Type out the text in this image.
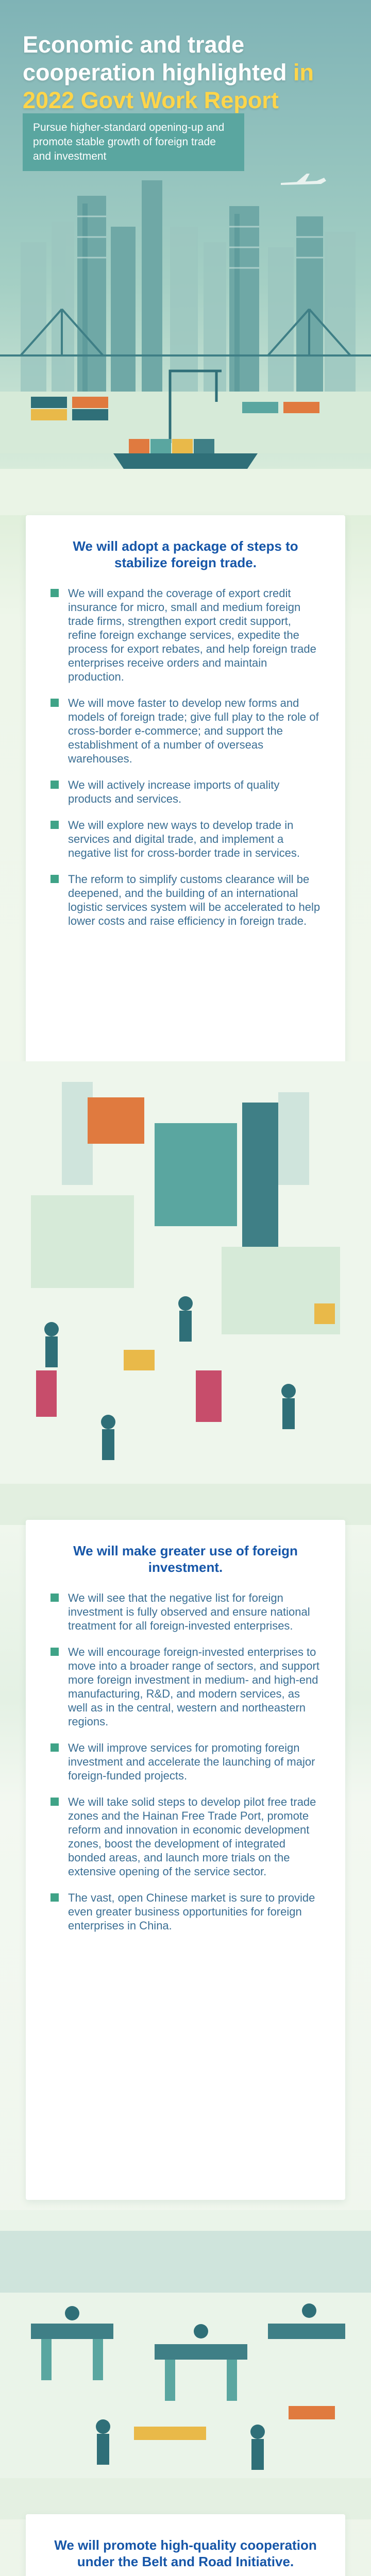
Economic and trade
cooperation highlighted in
2022 Govt Work Report
Pursue higher-standard opening-up and promote stable growth of foreign trade and investment
We will adopt a package of steps to stabilize foreign trade.

We will expand the coverage of export credit insurance for micro, small and medium foreign trade firms, strengthen export credit support, refine foreign exchange services, expedite the process for export rebates, and help foreign trade enterprises receive orders and maintain production.

We will move faster to develop new forms and models of foreign trade; give full play to the role of cross-border e-commerce; and support the establishment of a number of overseas warehouses.

We will actively increase imports of quality products and services.

We will explore new ways to develop trade in services and digital trade, and implement a negative list for cross-border trade in services.

The reform to simplify customs clearance will be deepened, and the building of an international logistic services system will be accelerated to help lower costs and raise efficiency in foreign trade.

We will make greater use of foreign investment.

We will see that the negative list for foreign investment is fully observed and ensure national treatment for all foreign-invested enterprises.

We will encourage foreign-invested enterprises to move into a broader range of sectors, and support more foreign investment in medium- and high-end manufacturing, R&D, and modern services, as well as in the central, western and northeastern regions.

We will improve services for promoting foreign investment and accelerate the launching of major foreign-funded projects.

We will take solid steps to develop pilot free trade zones and the Hainan Free Trade Port, promote reform and innovation in economic development zones, boost the development of integrated bonded areas, and launch more trials on the extensive opening of the service sector.

The vast, open Chinese market is sure to provide even greater business opportunities for foreign enterprises in China.

We will promote high-quality cooperation under the Belt and Road Initiative.
